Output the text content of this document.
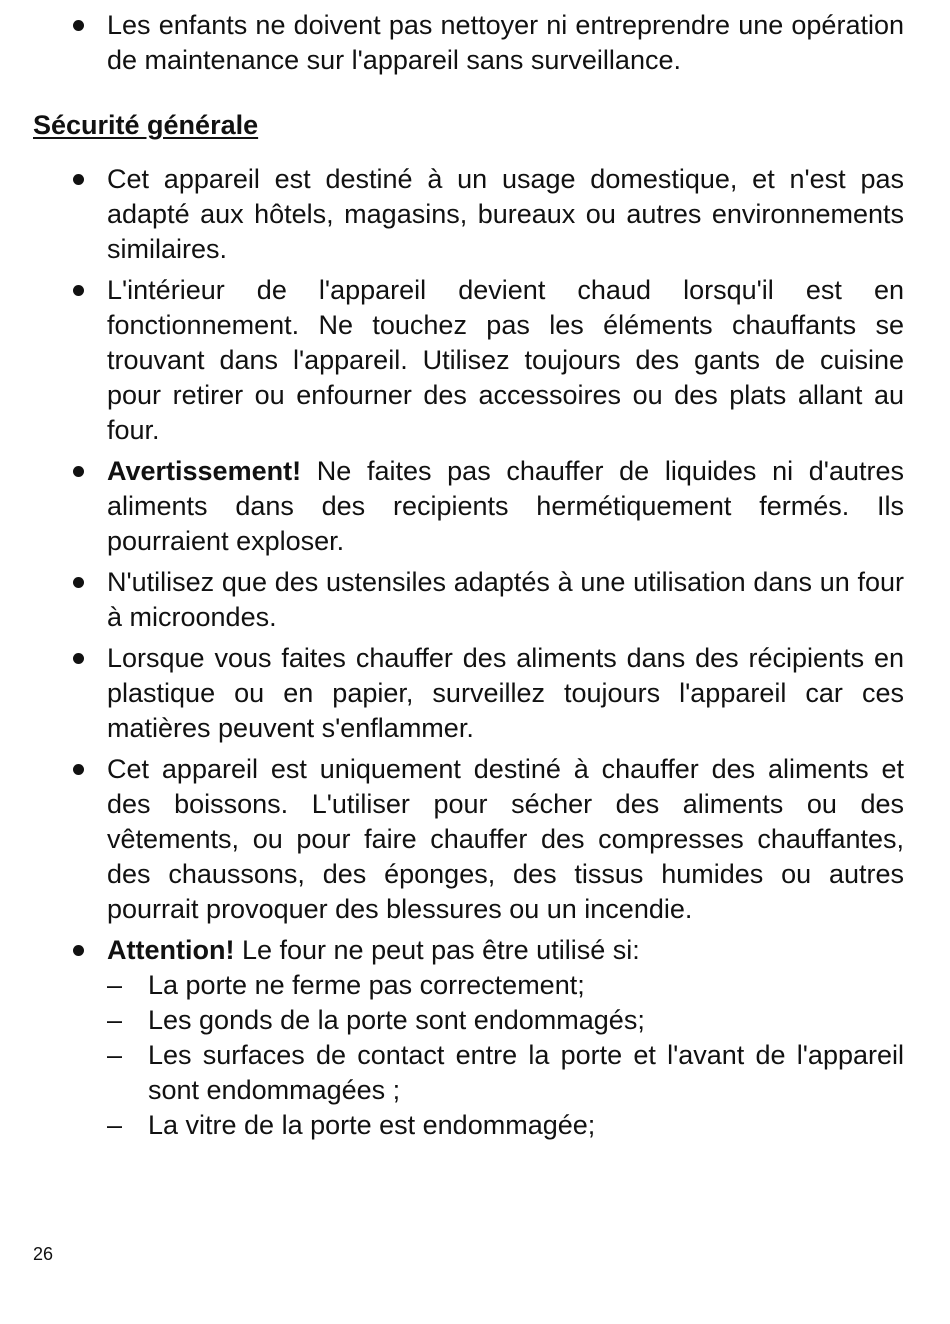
Les enfants ne doivent pas nettoyer ni entreprendre une opération de maintenance sur l'appareil sans surveillance.
Sécurité générale
Cet appareil est destiné à un usage domestique, et n'est pas adapté aux hôtels, magasins, bureaux ou autres environnements similaires.
L'intérieur de l'appareil devient chaud lorsqu'il est en fonctionnement. Ne touchez pas les éléments chauffants se trouvant dans l'appareil. Utilisez toujours des gants de cuisine pour retirer ou enfourner des accessoires ou des plats allant au four.
Avertissement! Ne faites pas chauffer de liquides ni d'autres aliments dans des recipients hermétiquement fermés. Ils pourraient exploser.
N'utilisez que des ustensiles adaptés à une utilisation dans un four à microondes.
Lorsque vous faites chauffer des aliments dans des récipients en plastique ou en papier, surveillez toujours l'appareil car ces matières peuvent s'enflammer.
Cet appareil est uniquement destiné à chauffer des aliments et des boissons. L'utiliser pour sécher des aliments ou des vêtements, ou pour faire chauffer des compresses chauffantes, des chaussons, des éponges, des tissus humides ou autres pourrait provoquer des blessures ou un incendie.
Attention! Le four ne peut pas être utilisé si:
– La porte ne ferme pas correctement;
– Les gonds de la porte sont endommagés;
– Les surfaces de contact entre la porte et l'avant de l'appareil sont endommagées ;
– La vitre de la porte est endommagée;
26
